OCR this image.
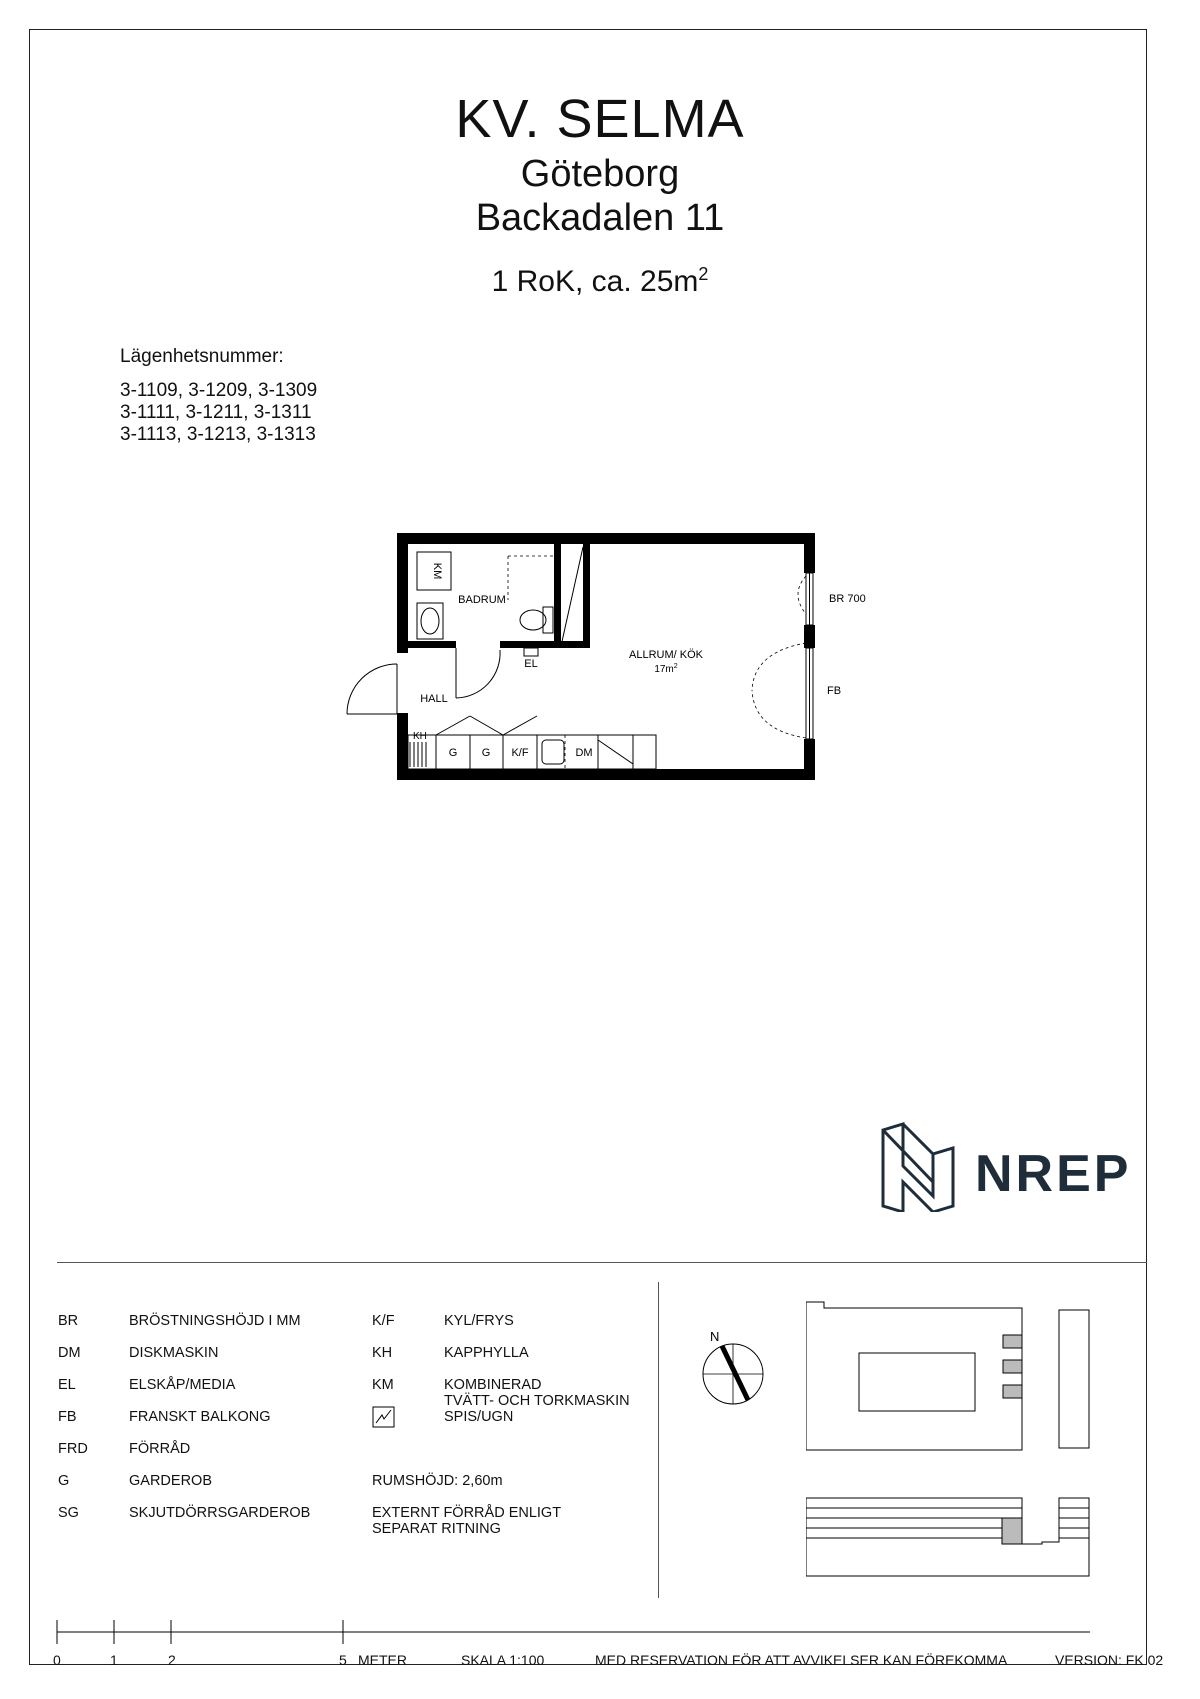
KV. SELMA
Göteborg
Backadalen 11
1 RoK, ca. $25m^2$
Lägenhetsnummer:
3-1109, 3-1209, 3-1309
3-1111, 3-1211, 3-1311
3-1113, 3-1213, 3-1313
KM
BADRUM
EL
HALL
ALLRUM/ KÖK
$17m^2$
KH
G G K/F	DM
BR 700
FB
NREP
BR	BRÖSTNINGSHÖJD I MM
DM	DISKMASKIN
EL	ELSKÅP/MEDIA
FB	FRANSKT BALKONG
FRD	FÖRRÅD
G	GARDEROB
SG	SKJUTDÖRRSGARDEROB
K/F	KYL/FRYS
KH	KAPPHYLLA
KM	KOMBINERAD
TVÄTT- OCH TORKMASKIN
SPIS/UGN
RUMSHÖJD: 2,60m
EXTERNT FÖRRÅD ENLIGT
SEPARAT RITNING
N
0	1	2	5 METER	SKALA 1:100	MED RESERVATION FÖR ATT AVVIKELSER KAN FÖREKOMMA	VERSION: FK 02
